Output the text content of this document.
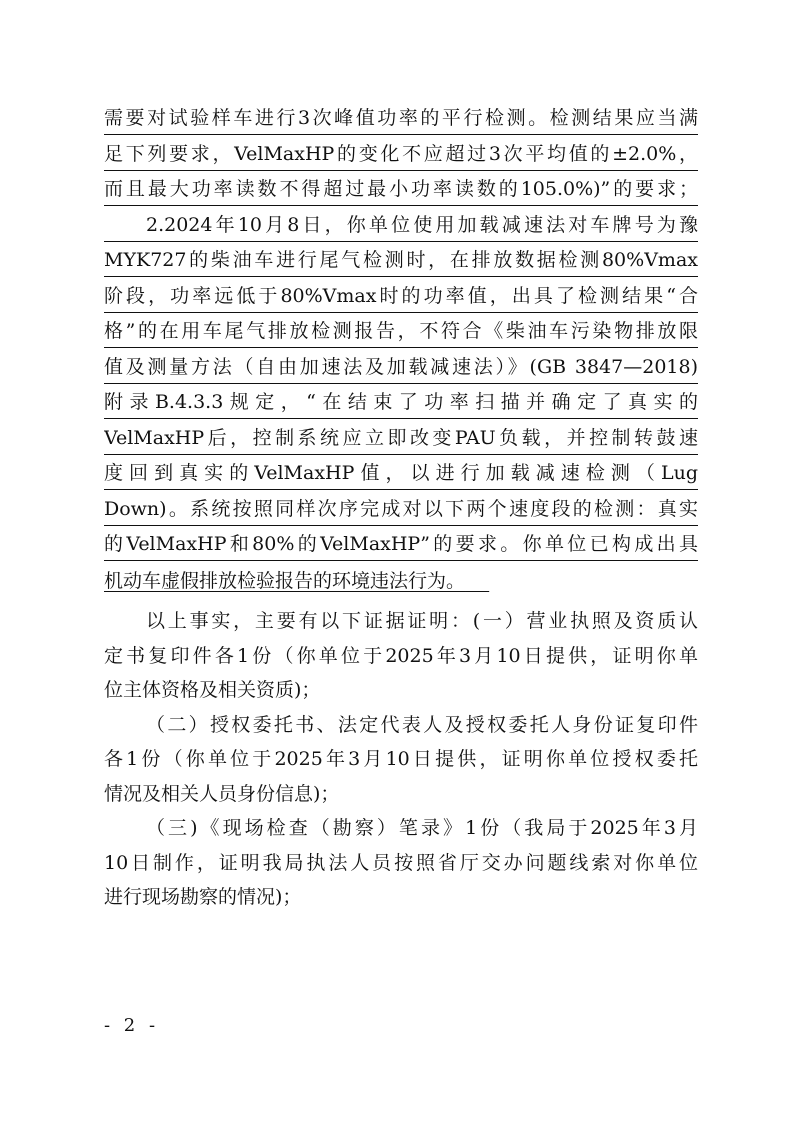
需要对试验样车进行3次峰值功率的平行检测。检测结果应当满
足下列要求，VelMaxHP的变化不应超过3次平均值的±2.0%，
而且最大功率读数不得超过最小功率读数的105.0%)”的要求；
2.2024年10月8日，你单位使用加载减速法对车牌号为豫
MYK727的柴油车进行尾气检测时，在排放数据检测80%Vmax
阶段，功率远低于80%Vmax时的功率值，出具了检测结果“合
格”的在用车尾气排放检测报告，不符合《柴油车污染物排放限
值及测量方法（自由加速法及加载减速法）》(GB 3847—2018)
附录B.4.3.3规定，“在结束了功率扫描并确定了真实的
VelMaxHP后，控制系统应立即改变PAU负载，并控制转鼓速
度回到真实的VelMaxHP值，以进行加载减速检测（Lug
Down)。系统按照同样次序完成对以下两个速度段的检测：真实
的VelMaxHP和80%的VelMaxHP”的要求。你单位已构成出具
机动车虚假排放检验报告的环境违法行为。
以上事实，主要有以下证据证明：(一）营业执照及资质认
定书复印件各1份（你单位于2025年3月10日提供，证明你单
位主体资格及相关资质)；
（二）授权委托书、法定代表人及授权委托人身份证复印件
各1份（你单位于2025年3月10日提供，证明你单位授权委托
情况及相关人员身份信息)；
（三)《现场检查（勘察）笔录》1份（我局于2025年3月
10日制作，证明我局执法人员按照省厅交办问题线索对你单位
进行现场勘察的情况)；
- 2 -
